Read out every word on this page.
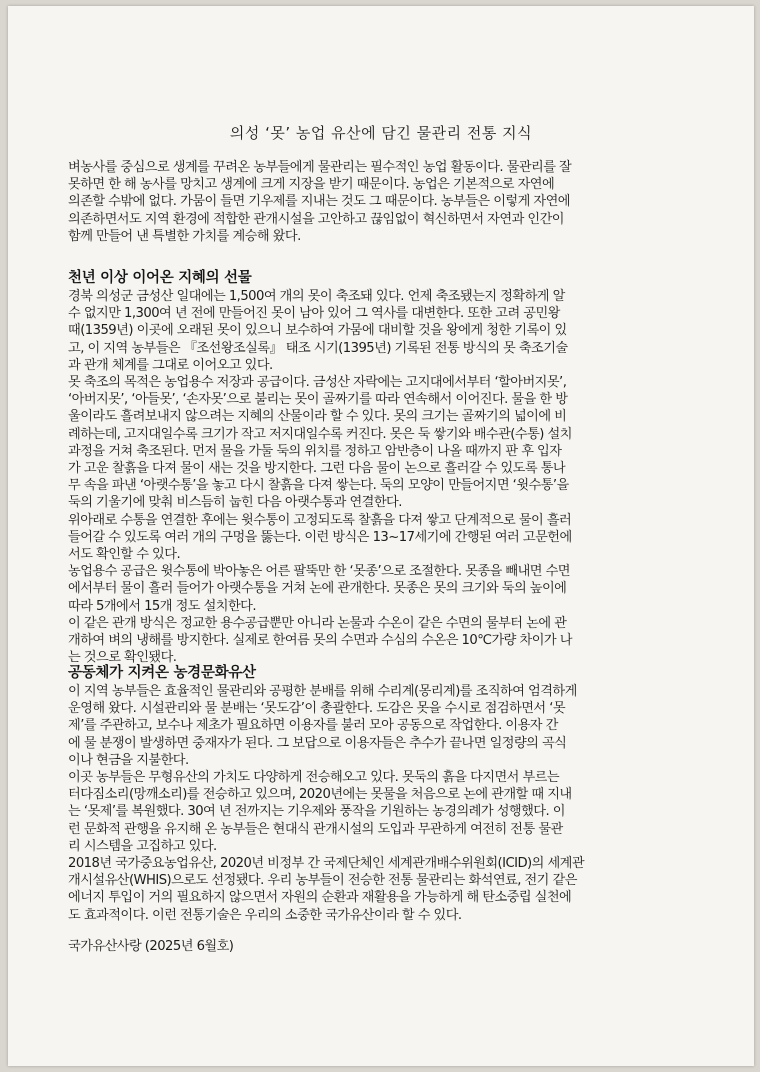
의성 ‘못’ 농업 유산에 담긴 물관리 전통 지식
벼농사를 중심으로 생계를 꾸려온 농부들에게 물관리는 필수적인 농업 활동이다. 물관리를 잘
못하면 한 해 농사를 망치고 생계에 크게 지장을 받기 때문이다. 농업은 기본적으로 자연에
의존할 수밖에 없다. 가뭄이 들면 기우제를 지내는 것도 그 때문이다. 농부들은 이렇게 자연에
의존하면서도 지역 환경에 적합한 관개시설을 고안하고 끊임없이 혁신하면서 자연과 인간이
함께 만들어 낸 특별한 가치를 계승해 왔다.
천년 이상 이어온 지혜의 선물
경북 의성군 금성산 일대에는 1,500여 개의 못이 축조돼 있다. 언제 축조됐는지 정확하게 알
수 없지만 1,300여 년 전에 만들어진 못이 남아 있어 그 역사를 대변한다. 또한 고려 공민왕
때(1359년) 이곳에 오래된 못이 있으니 보수하여 가뭄에 대비할 것을 왕에게 청한 기록이 있
고, 이 지역 농부들은 『조선왕조실록』 태조 시기(1395년) 기록된 전통 방식의 못 축조기술
과 관개 체계를 그대로 이어오고 있다.
못 축조의 목적은 농업용수 저장과 공급이다. 금성산 자락에는 고지대에서부터 ‘할아버지못’,
‘아버지못’, ‘아들못’, ‘손자못’으로 불리는 못이 골짜기를 따라 연속해서 이어진다. 물을 한 방
울이라도 흘려보내지 않으려는 지혜의 산물이라 할 수 있다. 못의 크기는 골짜기의 넓이에 비
례하는데, 고지대일수록 크기가 작고 저지대일수록 커진다. 못은 둑 쌓기와 배수관(수통) 설치
과정을 거쳐 축조된다. 먼저 물을 가둘 둑의 위치를 정하고 암반층이 나올 때까지 판 후 입자
가 고운 찰흙을 다져 물이 새는 것을 방지한다. 그런 다음 물이 논으로 흘러갈 수 있도록 통나
무 속을 파낸 ‘아랫수통’을 놓고 다시 찰흙을 다져 쌓는다. 둑의 모양이 만들어지면 ‘윗수통’을
둑의 기울기에 맞춰 비스듬히 눕힌 다음 아랫수통과 연결한다.
위아래로 수통을 연결한 후에는 윗수통이 고정되도록 찰흙을 다져 쌓고 단계적으로 물이 흘러
들어갈 수 있도록 여러 개의 구멍을 뚫는다. 이런 방식은 13~17세기에 간행된 여러 고문헌에
서도 확인할 수 있다.
농업용수 공급은 윗수통에 박아놓은 어른 팔뚝만 한 ‘못종’으로 조절한다. 못종을 빼내면 수면
에서부터 물이 흘러 들어가 아랫수통을 거쳐 논에 관개한다. 못종은 못의 크기와 둑의 높이에
따라 5개에서 15개 정도 설치한다.
이 같은 관개 방식은 정교한 용수공급뿐만 아니라 논물과 수온이 같은 수면의 물부터 논에 관
개하여 벼의 냉해를 방지한다. 실제로 한여름 못의 수면과 수심의 수온은 10℃가량 차이가 나
는 것으로 확인됐다.
공동체가 지켜온 농경문화유산
이 지역 농부들은 효율적인 물관리와 공평한 분배를 위해 수리계(몽리계)를 조직하여 엄격하게
운영해 왔다. 시설관리와 물 분배는 ‘못도감’이 총괄한다. 도감은 못을 수시로 점검하면서 ‘못
제’를 주관하고, 보수나 제초가 필요하면 이용자를 불러 모아 공동으로 작업한다. 이용자 간
에 물 분쟁이 발생하면 중재자가 된다. 그 보답으로 이용자들은 추수가 끝나면 일정량의 곡식
이나 현금을 지불한다.
이곳 농부들은 무형유산의 가치도 다양하게 전승해오고 있다. 못둑의 흙을 다지면서 부르는
터다짐소리(망깨소리)를 전승하고 있으며, 2020년에는 못물을 처음으로 논에 관개할 때 지내
는 ‘못제’를 복원했다. 30여 년 전까지는 기우제와 풍작을 기원하는 농경의례가 성행했다. 이
런 문화적 관행을 유지해 온 농부들은 현대식 관개시설의 도입과 무관하게 여전히 전통 물관
리 시스템을 고집하고 있다.
2018년 국가중요농업유산, 2020년 비정부 간 국제단체인 세계관개배수위원회(ICID)의 세계관
개시설유산(WHIS)으로도 선정됐다. 우리 농부들이 전승한 전통 물관리는 화석연료, 전기 같은
에너지 투입이 거의 필요하지 않으면서 자원의 순환과 재활용을 가능하게 해 탄소중립 실천에
도 효과적이다. 이런 전통기술은 우리의 소중한 국가유산이라 할 수 있다.
국가유산사랑 (2025년 6월호)
